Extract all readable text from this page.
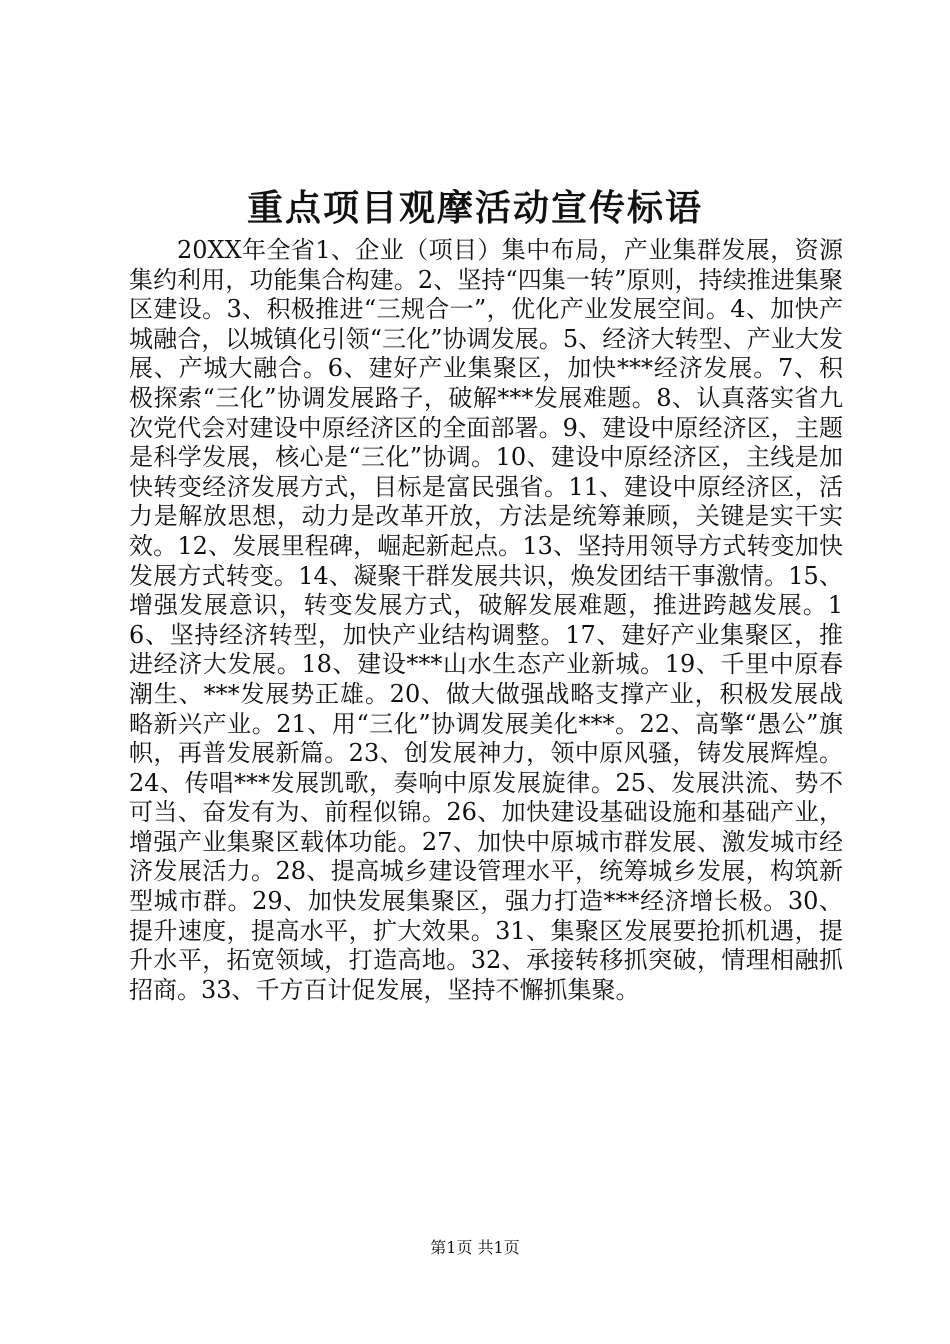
重点项目观摩活动宣传标语

20XX年全省1、企业（项目）集中布局，产业集群发展，资源集约利用，功能集合构建。2、坚持“四集一转”原则，持续推进集聚区建设。3、积极推进“三规合一”，优化产业发展空间。4、加快产城融合，以城镇化引领“三化”协调发展。5、经济大转型、产业大发展、产城大融合。6、建好产业集聚区，加快***经济发展。7、积极探索“三化”协调发展路子，破解***发展难题。8、认真落实省九次党代会对建设中原经济区的全面部署。9、建设中原经济区，主题是科学发展，核心是“三化”协调。10、建设中原经济区，主线是加快转变经济发展方式，目标是富民强省。11、建设中原经济区，活力是解放思想，动力是改革开放，方法是统筹兼顾，关键是实干实效。12、发展里程碑，崛起新起点。13、坚持用领导方式转变加快发展方式转变。14、凝聚干群发展共识，焕发团结干事激情。15、增强发展意识，转变发展方式，破解发展难题，推进跨越发展。16、坚持经济转型，加快产业结构调整。17、建好产业集聚区，推进经济大发展。18、建设***山水生态产业新城。19、千里中原春潮生、***发展势正雄。20、做大做强战略支撑产业，积极发展战略新兴产业。21、用“三化”协调发展美化***。22、高擎“愚公”旗帜，再普发展新篇。23、创发展神力，领中原风骚，铸发展辉煌。24、传唱***发展凯歌，奏响中原发展旋律。25、发展洪流、势不可当、奋发有为、前程似锦。26、加快建设基础设施和基础产业，增强产业集聚区载体功能。27、加快中原城市群发展、激发城市经济发展活力。28、提高城乡建设管理水平，统筹城乡发展，构筑新型城市群。29、加快发展集聚区，强力打造***经济增长极。30、提升速度，提高水平，扩大效果。31、集聚区发展要抢抓机遇，提升水平，拓宽领域，打造高地。32、承接转移抓突破，情理相融抓招商。33、千方百计促发展，坚持不懈抓集聚。

第1页 共1页
